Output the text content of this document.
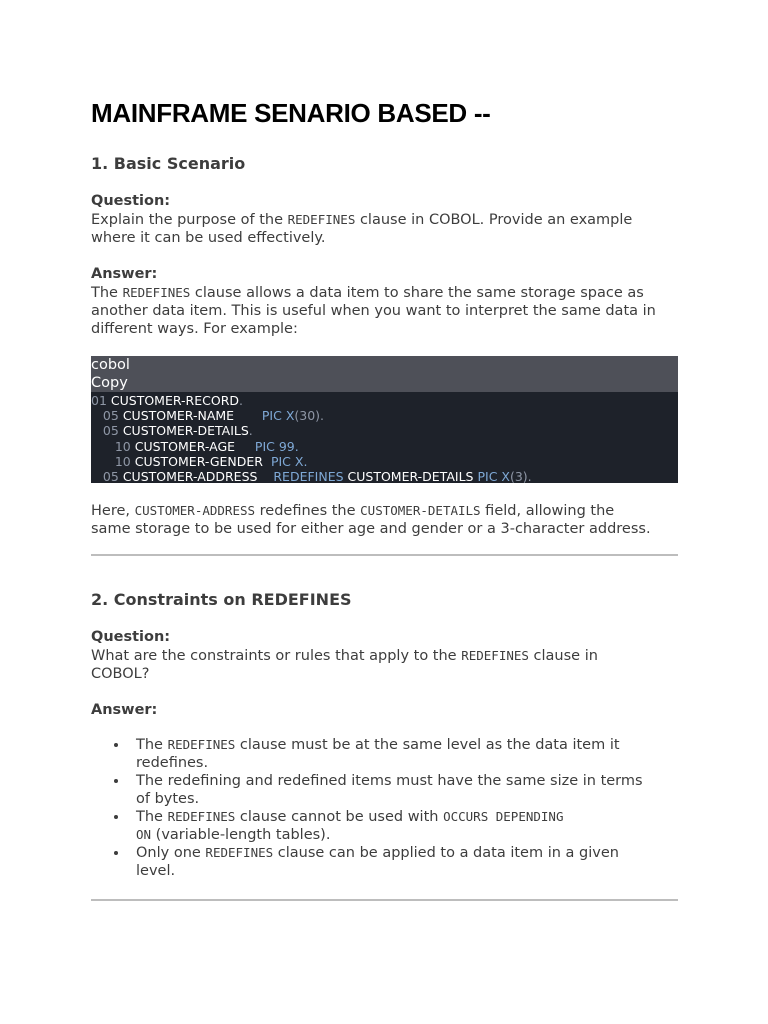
MAINFRAME SENARIO BASED --
1. Basic Scenario
Question:
Explain the purpose of the REDEFINES clause in COBOL. Provide an example
where it can be used effectively.
Answer:
The REDEFINES clause allows a data item to share the same storage space as
another data item. This is useful when you want to interpret the same data in
different ways. For example:
cobol
Copy
01 CUSTOMER-RECORD.
05 CUSTOMER-NAME PIC X(30).
05 CUSTOMER-DETAILS.
10 CUSTOMER-AGE PIC 99.
10 CUSTOMER-GENDER PIC X.
05 CUSTOMER-ADDRESS REDEFINES CUSTOMER-DETAILS PIC X(3).
Here, CUSTOMER-ADDRESS redefines the CUSTOMER-DETAILS field, allowing the
same storage to be used for either age and gender or a 3-character address.
2. Constraints on REDEFINES
Question:
What are the constraints or rules that apply to the REDEFINES clause in
COBOL?
Answer:
The REDEFINES clause must be at the same level as the data item it
redefines.
The redefining and redefined items must have the same size in terms
of bytes.
The REDEFINES clause cannot be used with OCCURS DEPENDING
ON (variable-length tables).
Only one REDEFINES clause can be applied to a data item in a given
level.
